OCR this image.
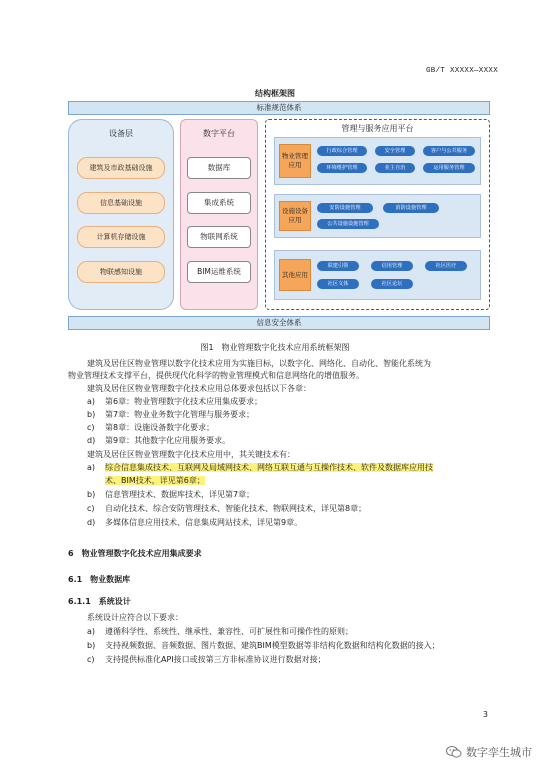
GB/T XXXXX—XXXX
结构框架图
标准规范体系
设备层
建筑及市政基础设施
信息基础设施
计算机存储设施
物联感知设施
数字平台
数据库
集成系统
物联网系统
BIM运维系统
管理与服务应用平台
物业管理应用
行政综合管理	安全管理	客户与公共服务
环境维护管理	业主自治	运用服务管理
设施设备应用
安防设施管理	消防设施管理
公共设施设施管理
其他应用
联建引领	信用管理	社区医疗
社区文体	社区论坛
信息安全体系
图1　物业管理数字化技术应用系统框架图
建筑及居住区物业管理以数字化技术应用为实施目标，以数字化、网络化、自动化、智能化系统为
物业管理技术支撑平台，提供现代化科学的物业管理模式和信息网络化的增值服务。
建筑及居住区物业管理数字化技术应用总体要求包括以下各章：
a) 第6章：物业管理数字化技术应用集成要求；
b) 第7章：物业业务数字化管理与服务要求；
c) 第8章：设施设备数字化要求；
d) 第9章：其他数字化应用服务要求。
建筑及居住区物业管理数字化技术应用中，其关键技术有：
a) 综合信息集成技术、互联网及局域网技术、网络互联互通与互操作技术、软件及数据库应用技
术、BIM技术，详见第6章；
b) 信息管理技术、数据库技术，详见第7章；
c) 自动化技术、综合安防管理技术、智能化技术、物联网技术，详见第8章；
d) 多媒体信息应用技术、信息集成网站技术，详见第9章。
6　物业管理数字化技术应用集成要求
6.1　物业数据库
6.1.1　系统设计
系统设计应符合以下要求：
a) 遵循科学性、系统性、继承性、兼容性、可扩展性和可操作性的原则；
b) 支持视频数据、音频数据、图片数据、建筑BIM模型数据等非结构化数据和结构化数据的接入；
c) 支持提供标准化API接口或按第三方非标准协议进行数据对接；
3
数字孪生城市
